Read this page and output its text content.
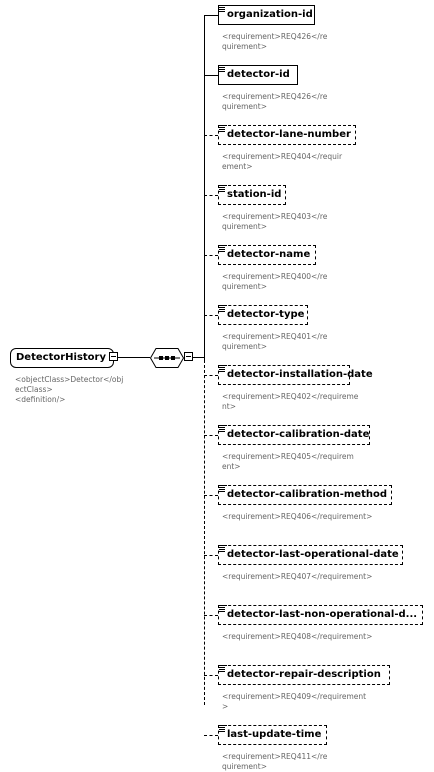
DetectorHistory
<objectClass>Detector</obj
ectClass>
<definition/>
organization-id
<requirement>REQ426</re
quirement>
detector-id
<requirement>REQ426</re
quirement>
detector-lane-number
<requirement>REQ404</requir
ement>
station-id
<requirement>REQ403</re
quirement>
detector-name
<requirement>REQ400</re
quirement>
detector-type
<requirement>REQ401</re
quirement>
detector-installation-date
<requirement>REQ402</requireme
nt>
detector-calibration-date
<requirement>REQ405</requirem
ent>
detector-calibration-method
<requirement>REQ406</requirement>
detector-last-operational-date
<requirement>REQ407</requirement>
detector-last-non-operational-d...
<requirement>REQ408</requirement>
detector-repair-description
<requirement>REQ409</requirement
>
last-update-time
<requirement>REQ411</re
quirement>
